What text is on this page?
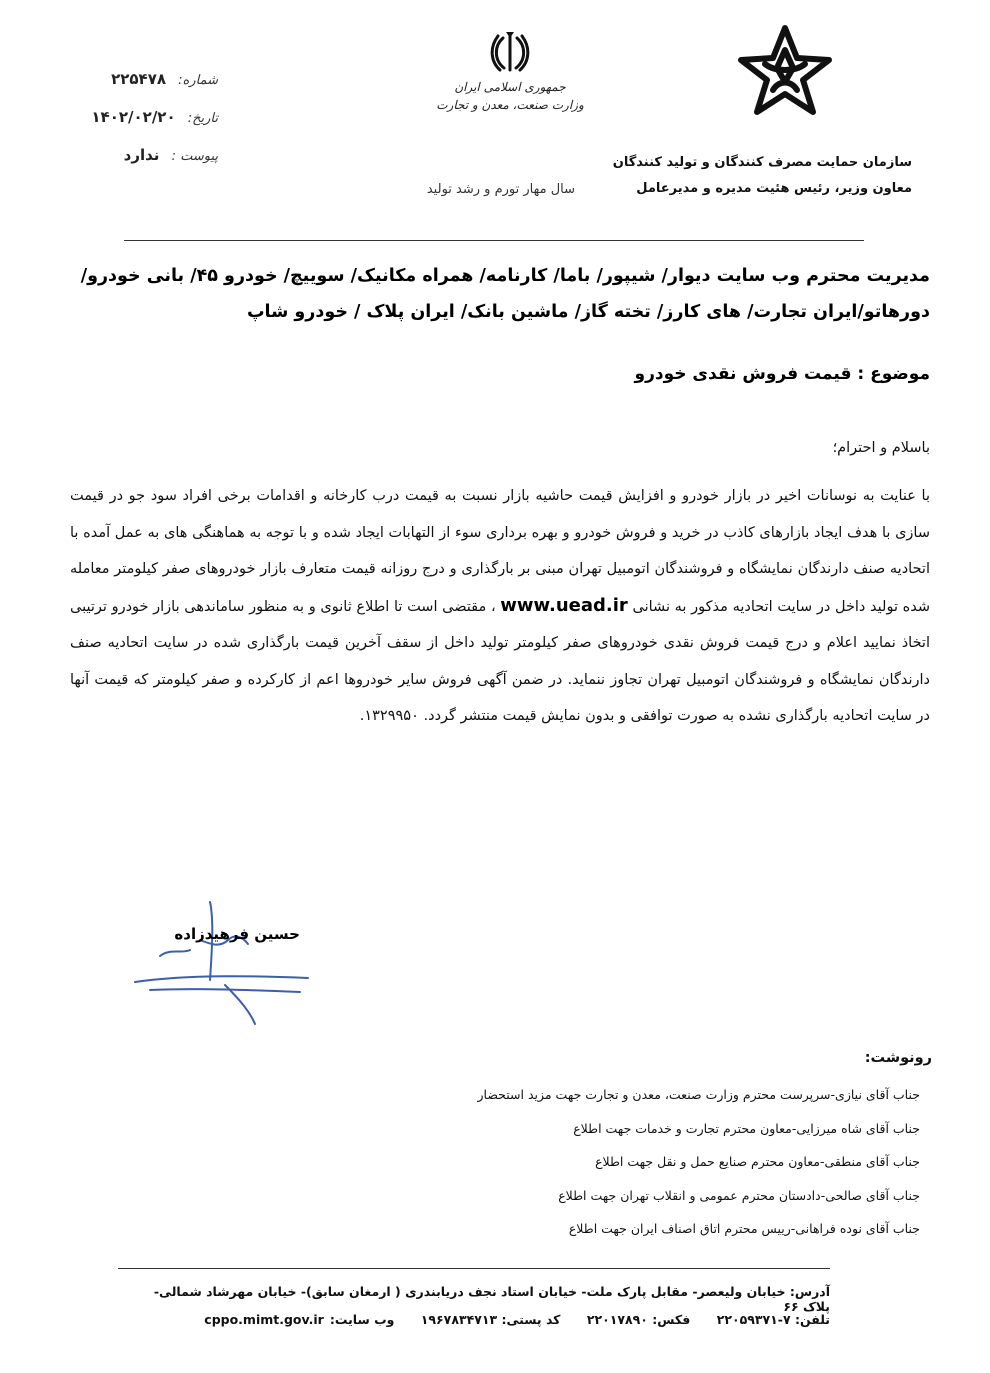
شماره: ۲۲۵۴۷۸
تاریخ: ۱۴۰۲/۰۲/۲۰
پیوست : ندارد
جمهوری اسلامی ایران
وزارت صنعت، معدن و تجارت
سال مهار تورم و رشد تولید
سازمان حمایت مصرف کنندگان و تولید کنندگان
معاون وزیر، رئیس هئیت مدیره و مدیرعامل
مدیریت محترم وب سایت دیوار/ شیپور/ باما/ کارنامه/ همراه مکانیک/ سوییچ/ خودرو ۴۵/ بانی خودرو/
دورهاتو/ایران تجارت/ های کارز/ تخته گاز/ ماشین بانک/ ایران پلاک / خودرو شاپ
موضوع : قیمت فروش نقدی خودرو
باسلام و احترام؛
با عنایت به نوسانات اخیر در بازار خودرو و افزایش قیمت حاشیه بازار نسبت به قیمت درب کارخانه و اقدامات برخی افراد سود جو در قیمت سازی با هدف ایجاد بازارهای کاذب در خرید و فروش خودرو و بهره برداری سوء از التهابات ایجاد شده و با توجه به هماهنگی های به عمل آمده با اتحادیه صنف دارندگان نمایشگاه و فروشندگان اتومبیل تهران مبنی بر بارگذاری و درج روزانه قیمت متعارف بازار خودروهای صفر کیلومتر معامله شده تولید داخل در سایت اتحادیه مذکور به نشانی www.uead.ir ، مقتضی است تا اطلاع ثانوی و به منظور ساماندهی بازار خودرو ترتیبی اتخاذ نمایید اعلام و درج قیمت فروش نقدی خودروهای صفر کیلومتر تولید داخل از سقف آخرین قیمت بارگذاری شده در سایت اتحادیه صنف دارندگان نمایشگاه و فروشندگان اتومبیل تهران تجاوز ننماید. در ضمن آگهی فروش سایر خودروها اعم از کارکرده و صفر کیلومتر که قیمت آنها در سایت اتحادیه بارگذاری نشده به صورت توافقی و بدون نمایش قیمت منتشر گردد. ۱۳۲۹۹۵۰.
حسین فرهیدزاده
رونوشت:
جناب آقای نیازی-سرپرست محترم وزارت صنعت، معدن و تجارت جهت مزید استحضار
جناب آقای شاه میرزایی-معاون محترم تجارت و خدمات جهت اطلاع
جناب آقای منطقی-معاون محترم صنایع حمل و نقل جهت اطلاع
جناب آقای صالحی-دادستان محترم عمومی و انقلاب تهران جهت اطلاع
جناب آقای نوده فراهانی-رییس محترم اتاق اصناف ایران جهت اطلاع
آدرس: خیابان ولیعصر- مقابل پارک ملت- خیابان استاد نجف دریابندری ( ارمغان سابق)- خیابان مهرشاد شمالی- پلاک ۶۶
تلفن: ۷-۲۲۰۵۹۳۷۱ فکس: ۲۲۰۱۷۸۹۰ کد پستی: ۱۹۶۷۸۳۴۷۱۳ وب سایت:cppo.mimt.gov.ir
